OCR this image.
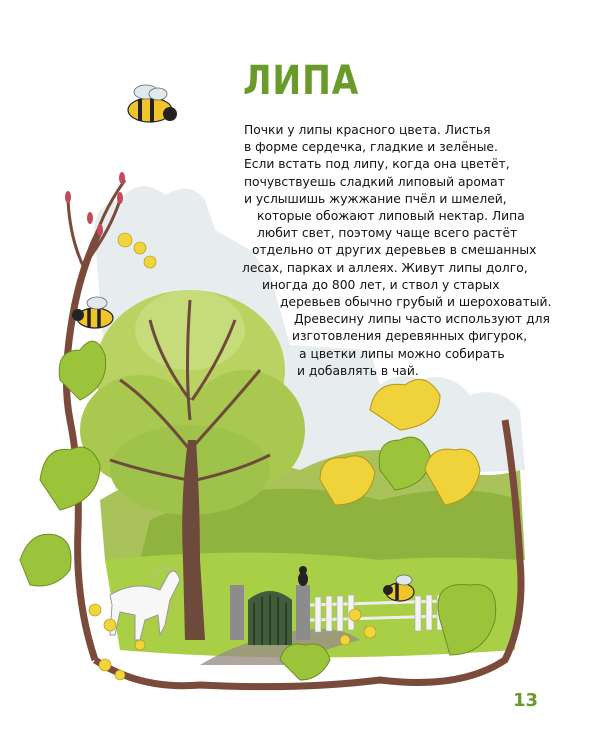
ЛИПА
Почки у липы красного цвета. Листья
в форме сердечка, гладкие и зелёные.
Если встать под липу, когда она цветёт,
почувствуешь сладкий липовый аромат
и услышишь жужжание пчёл и шмелей,
которые обожают липовый нектар. Липа
любит свет, поэтому чаще всего растёт
отдельно от других деревьев в смешанных
лесах, парках и аллеях. Живут липы долго,
иногда до 800 лет, и ствол у старых
деревьев обычно грубый и шероховатый.
Древесину липы часто используют для
изготовления деревянных фигурок,
а цветки липы можно собирать
и добавлять в чай.
13
